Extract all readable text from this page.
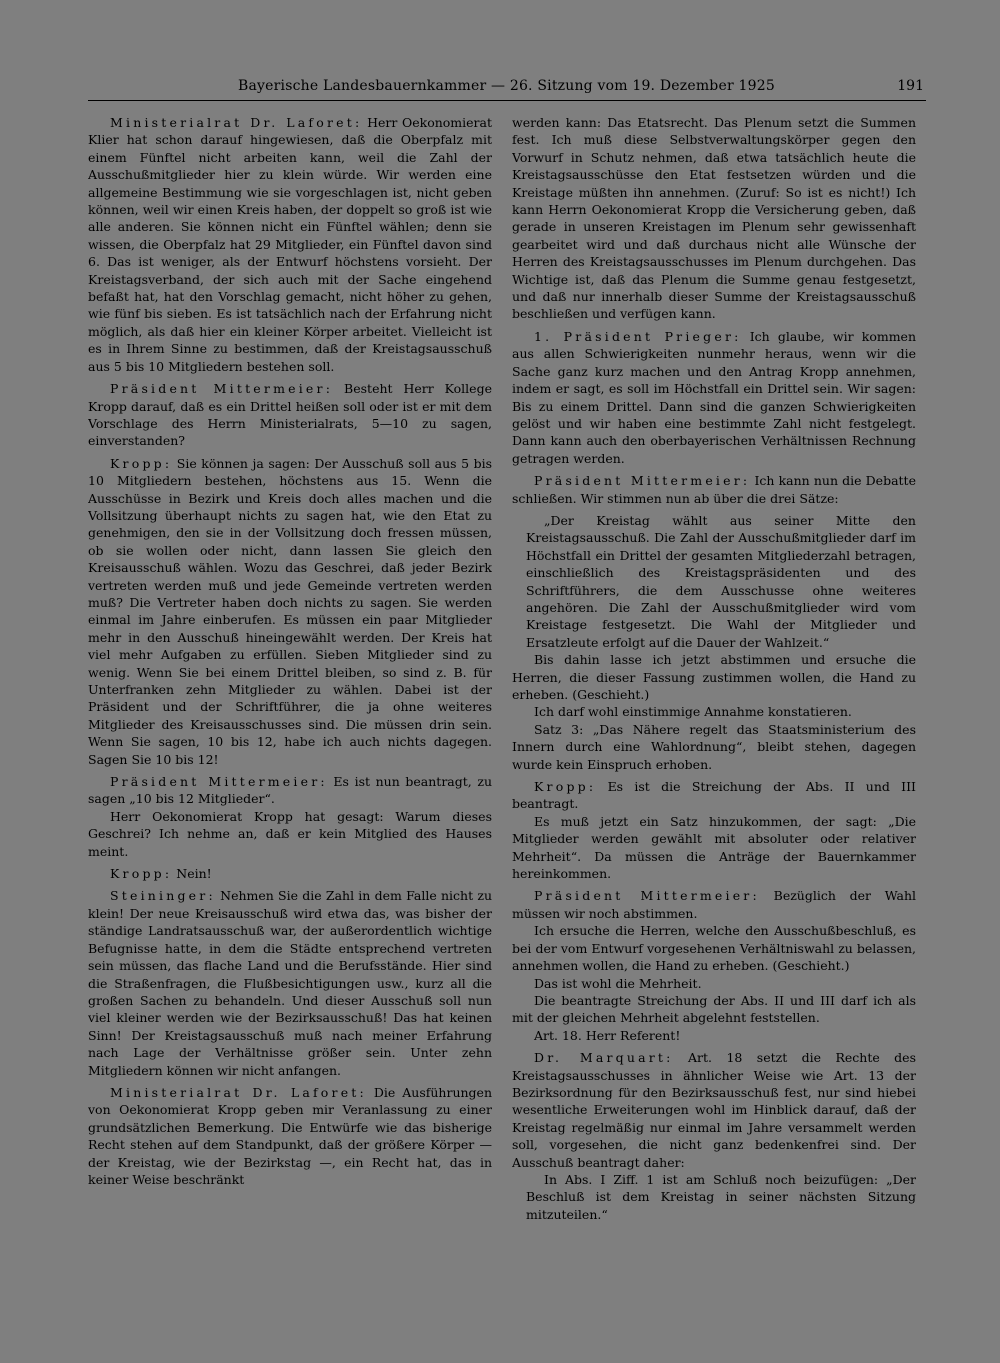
Bayerische Landesbauernkammer — 26. Sitzung vom 19. Dezember 1925	191

Ministerialrat Dr. Laforet: Herr Oekonomierat Klier hat schon darauf hingewiesen, daß die Oberpfalz mit einem Fünftel nicht arbeiten kann, weil die Zahl der Ausschußmitglieder hier zu klein würde. Wir werden eine allgemeine Bestimmung wie sie vorgeschlagen ist, nicht geben können, weil wir einen Kreis haben, der doppelt so groß ist wie alle anderen. Sie können nicht ein Fünftel wählen; denn sie wissen, die Oberpfalz hat 29 Mitglieder, ein Fünftel davon sind 6. Das ist weniger, als der Entwurf höchstens vorsieht. Der Kreistagsverband, der sich auch mit der Sache eingehend befaßt hat, hat den Vorschlag gemacht, nicht höher zu gehen, wie fünf bis sieben. Es ist tatsächlich nach der Erfahrung nicht möglich, als daß hier ein kleiner Körper arbeitet. Vielleicht ist es in Ihrem Sinne zu bestimmen, daß der Kreistagsausschuß aus 5 bis 10 Mitgliedern bestehen soll.

Präsident Mittermeier: Besteht Herr Kollege Kropp darauf, daß es ein Drittel heißen soll oder ist er mit dem Vorschlage des Herrn Ministerialrats, 5—10 zu sagen, einverstanden?

Kropp: Sie können ja sagen: Der Ausschuß soll aus 5 bis 10 Mitgliedern bestehen, höchstens aus 15. Wenn die Ausschüsse in Bezirk und Kreis doch alles machen und die Vollsitzung überhaupt nichts zu sagen hat, wie den Etat zu genehmigen, den sie in der Vollsitzung doch fressen müssen, ob sie wollen oder nicht, dann lassen Sie gleich den Kreisausschuß wählen. Wozu das Geschrei, daß jeder Bezirk vertreten werden muß und jede Gemeinde vertreten werden muß? Die Vertreter haben doch nichts zu sagen. Sie werden einmal im Jahre einberufen. Es müssen ein paar Mitglieder mehr in den Ausschuß hineingewählt werden. Der Kreis hat viel mehr Aufgaben zu erfüllen. Sieben Mitglieder sind zu wenig. Wenn Sie bei einem Drittel bleiben, so sind z. B. für Unterfranken zehn Mitglieder zu wählen. Dabei ist der Präsident und der Schriftführer, die ja ohne weiteres Mitglieder des Kreisausschusses sind. Die müssen drin sein. Wenn Sie sagen, 10 bis 12, habe ich auch nichts dagegen. Sagen Sie 10 bis 12!

Präsident Mittermeier: Es ist nun beantragt, zu sagen „10 bis 12 Mitglieder“.

Herr Oekonomierat Kropp hat gesagt: Warum dieses Geschrei? Ich nehme an, daß er kein Mitglied des Hauses meint.

Kropp: Nein!

Steininger: Nehmen Sie die Zahl in dem Falle nicht zu klein! Der neue Kreisausschuß wird etwa das, was bisher der ständige Landratsausschuß war, der außerordentlich wichtige Befugnisse hatte, in dem die Städte entsprechend vertreten sein müssen, das flache Land und die Berufsstände. Hier sind die Straßenfragen, die Flußbesichtigungen usw., kurz all die großen Sachen zu behandeln. Und dieser Ausschuß soll nun viel kleiner werden wie der Bezirksausschuß! Das hat keinen Sinn! Der Kreistagsausschuß muß nach meiner Erfahrung nach Lage der Verhältnisse größer sein. Unter zehn Mitgliedern können wir nicht anfangen.

Ministerialrat Dr. Laforet: Die Ausführungen von Oekonomierat Kropp geben mir Veranlassung zu einer grundsätzlichen Bemerkung. Die Entwürfe wie das bisherige Recht stehen auf dem Standpunkt, daß der größere Körper — der Kreistag, wie der Bezirkstag —, ein Recht hat, das in keiner Weise beschränkt

werden kann: Das Etatsrecht. Das Plenum setzt die Summen fest. Ich muß diese Selbstverwaltungskörper gegen den Vorwurf in Schutz nehmen, daß etwa tatsächlich heute die Kreistagsausschüsse den Etat festsetzen würden und die Kreistage müßten ihn annehmen. (Zuruf: So ist es nicht!) Ich kann Herrn Oekonomierat Kropp die Versicherung geben, daß gerade in unseren Kreistagen im Plenum sehr gewissenhaft gearbeitet wird und daß durchaus nicht alle Wünsche der Herren des Kreistagsausschusses im Plenum durchgehen. Das Wichtige ist, daß das Plenum die Summe genau festgesetzt, und daß nur innerhalb dieser Summe der Kreistagsausschuß beschließen und verfügen kann.

1. Präsident Prieger: Ich glaube, wir kommen aus allen Schwierigkeiten nunmehr heraus, wenn wir die Sache ganz kurz machen und den Antrag Kropp annehmen, indem er sagt, es soll im Höchstfall ein Drittel sein. Wir sagen: Bis zu einem Drittel. Dann sind die ganzen Schwierigkeiten gelöst und wir haben eine bestimmte Zahl nicht festgelegt. Dann kann auch den oberbayerischen Verhältnissen Rechnung getragen werden.

Präsident Mittermeier: Ich kann nun die Debatte schließen. Wir stimmen nun ab über die drei Sätze:

„Der Kreistag wählt aus seiner Mitte den Kreistagsausschuß. Die Zahl der Ausschußmitglieder darf im Höchstfall ein Drittel der gesamten Mitgliederzahl betragen, einschließlich des Kreistagspräsidenten und des Schriftführers, die dem Ausschusse ohne weiteres angehören. Die Zahl der Ausschußmitglieder wird vom Kreistage festgesetzt. Die Wahl der Mitglieder und Ersatzleute erfolgt auf die Dauer der Wahlzeit.“

Bis dahin lasse ich jetzt abstimmen und ersuche die Herren, die dieser Fassung zustimmen wollen, die Hand zu erheben. (Geschieht.)

Ich darf wohl einstimmige Annahme konstatieren.

Satz 3: „Das Nähere regelt das Staatsministerium des Innern durch eine Wahlordnung“, bleibt stehen, dagegen wurde kein Einspruch erhoben.

Kropp: Es ist die Streichung der Abs. II und III beantragt.

Es muß jetzt ein Satz hinzukommen, der sagt: „Die Mitglieder werden gewählt mit absoluter oder relativer Mehrheit“. Da müssen die Anträge der Bauernkammer hereinkommen.

Präsident Mittermeier: Bezüglich der Wahl müssen wir noch abstimmen.

Ich ersuche die Herren, welche den Ausschußbeschluß, es bei der vom Entwurf vorgesehenen Verhältniswahl zu belassen, annehmen wollen, die Hand zu erheben. (Geschieht.)

Das ist wohl die Mehrheit.

Die beantragte Streichung der Abs. II und III darf ich als mit der gleichen Mehrheit abgelehnt feststellen.

Art. 18. Herr Referent!

Dr. Marquart: Art. 18 setzt die Rechte des Kreistagsausschusses in ähnlicher Weise wie Art. 13 der Bezirksordnung für den Bezirksausschuß fest, nur sind hiebei wesentliche Erweiterungen wohl im Hinblick darauf, daß der Kreistag regelmäßig nur einmal im Jahre versammelt werden soll, vorgesehen, die nicht ganz bedenkenfrei sind. Der Ausschuß beantragt daher:

In Abs. I Ziff. 1 ist am Schluß noch beizufügen: „Der Beschluß ist dem Kreistag in seiner nächsten Sitzung mitzuteilen.“
